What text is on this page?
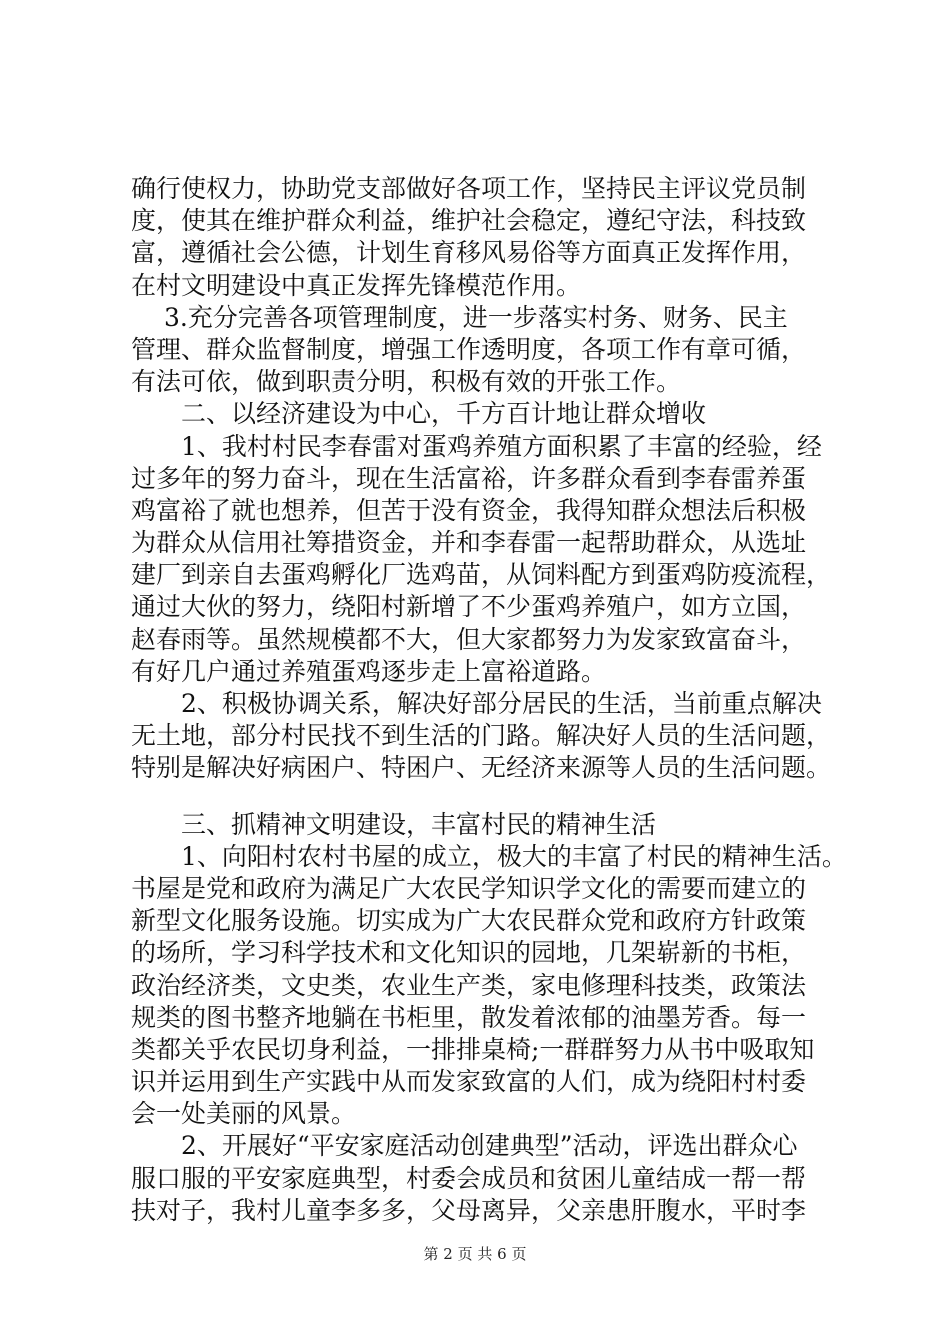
确行使权力，协助党支部做好各项工作，坚持民主评议党员制
度，使其在维护群众利益，维护社会稳定，遵纪守法，科技致
富，遵循社会公德，计划生育移风易俗等方面真正发挥作用，
在村文明建设中真正发挥先锋模范作用。
　 3.充分完善各项管理制度，进一步落实村务、财务、民主
管理、群众监督制度，增强工作透明度，各项工作有章可循，
有法可依，做到职责分明，积极有效的开张工作。
　　二、以经济建设为中心，千方百计地让群众增收
　　1、我村村民李春雷对蛋鸡养殖方面积累了丰富的经验，经
过多年的努力奋斗，现在生活富裕，许多群众看到李春雷养蛋
鸡富裕了就也想养，但苦于没有资金，我得知群众想法后积极
为群众从信用社筹措资金，并和李春雷一起帮助群众，从选址
建厂到亲自去蛋鸡孵化厂选鸡苗，从饲料配方到蛋鸡防疫流程，
通过大伙的努力，绕阳村新增了不少蛋鸡养殖户，如方立国，
赵春雨等。虽然规模都不大，但大家都努力为发家致富奋斗，
有好几户通过养殖蛋鸡逐步走上富裕道路。
　　2、积极协调关系，解决好部分居民的生活，当前重点解决
无土地，部分村民找不到生活的门路。解决好人员的生活问题，
特别是解决好病困户、特困户、无经济来源等人员的生活问题。
　　三、抓精神文明建设，丰富村民的精神生活
　　1、向阳村农村书屋的成立，极大的丰富了村民的精神生活。
书屋是党和政府为满足广大农民学知识学文化的需要而建立的
新型文化服务设施。切实成为广大农民群众党和政府方针政策
的场所，学习科学技术和文化知识的园地，几架崭新的书柜，
政治经济类，文史类，农业生产类，家电修理科技类，政策法
规类的图书整齐地躺在书柜里，散发着浓郁的油墨芳香。每一
类都关乎农民切身利益，一排排桌椅;一群群努力从书中吸取知
识并运用到生产实践中从而发家致富的人们，成为绕阳村村委
会一处美丽的风景。
　　2、开展好“平安家庭活动创建典型”活动，评选出群众心
服口服的平安家庭典型，村委会成员和贫困儿童结成一帮一帮
扶对子，我村儿童李多多，父母离异，父亲患肝腹水，平时李
第 2 页 共 6 页
